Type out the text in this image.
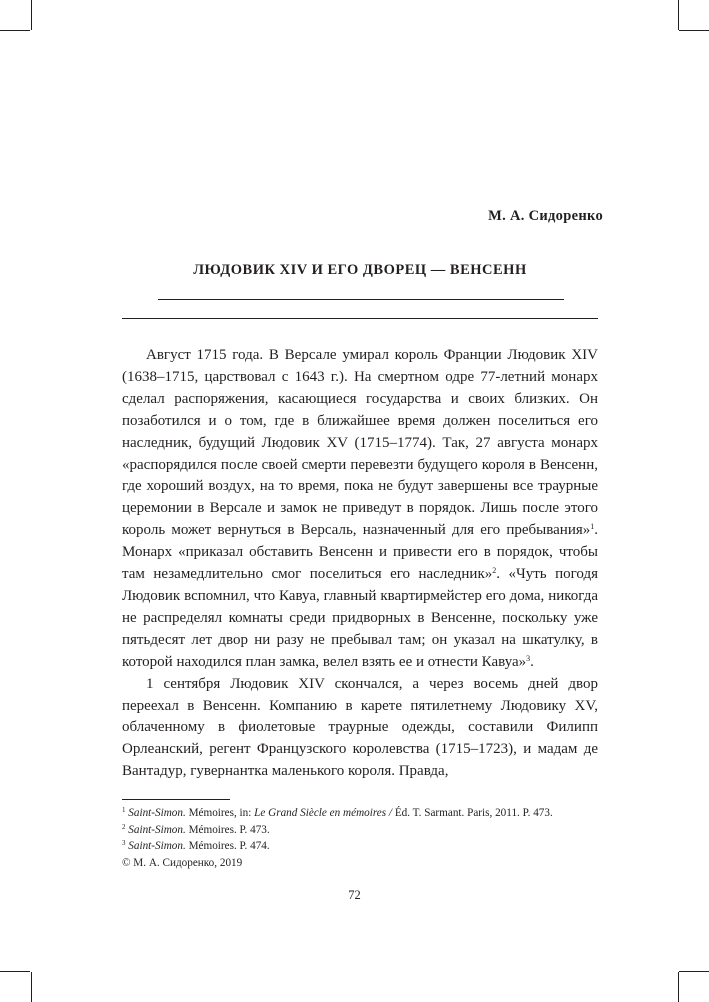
М. А. Сидоренко
ЛЮДОВИК XIV И ЕГО ДВОРЕЦ — ВЕНСЕНН

Август 1715 года. В Версале умирал король Франции Людовик XIV (1638–1715, царствовал с 1643 г.). На смертном одре 77-летний монарх сделал распоряжения, касающиеся государства и своих близких. Он позаботился и о том, где в ближайшее время должен поселиться его наследник, будущий Людовик XV (1715–1774). Так, 27 августа монарх «распорядился после своей смерти перевезти будущего короля в Венсенн, где хороший воздух, на то время, пока не будут завершены все траурные церемонии в Версале и замок не приведут в порядок. Лишь после этого король может вернуться в Версаль, назначенный для его пребывания»$^1$. Монарх «приказал обставить Венсенн и привести его в порядок, чтобы там незамедлительно смог поселиться его наследник»$^2$. «Чуть погодя Людовик вспомнил, что Кавуа, главный квартирмейстер его дома, никогда не распределял комнаты среди придворных в Венсенне, поскольку уже пятьдесят лет двор ни разу не пребывал там; он указал на шкатулку, в которой находился план замка, велел взять ее и отнести Кавуа»$^3$.

1 сентября Людовик XIV скончался, а через восемь дней двор переехал в Венсенн. Компанию в карете пятилетнему Людовику XV, облаченному в фиолетовые траурные одежды, составили Филипп Орлеанский, регент Французского королевства (1715–1723), и мадам де Вантадур, гувернантка маленького короля. Правда,

$^1$ Saint-Simon. Mémoires, in: Le Grand Siècle en mémoires / Éd. T. Sarmant. Paris, 2011. P. 473.
$^2$ Saint-Simon. Mémoires. P. 473.
$^3$ Saint-Simon. Mémoires. P. 474.
© М. А. Сидоренко, 2019
72
